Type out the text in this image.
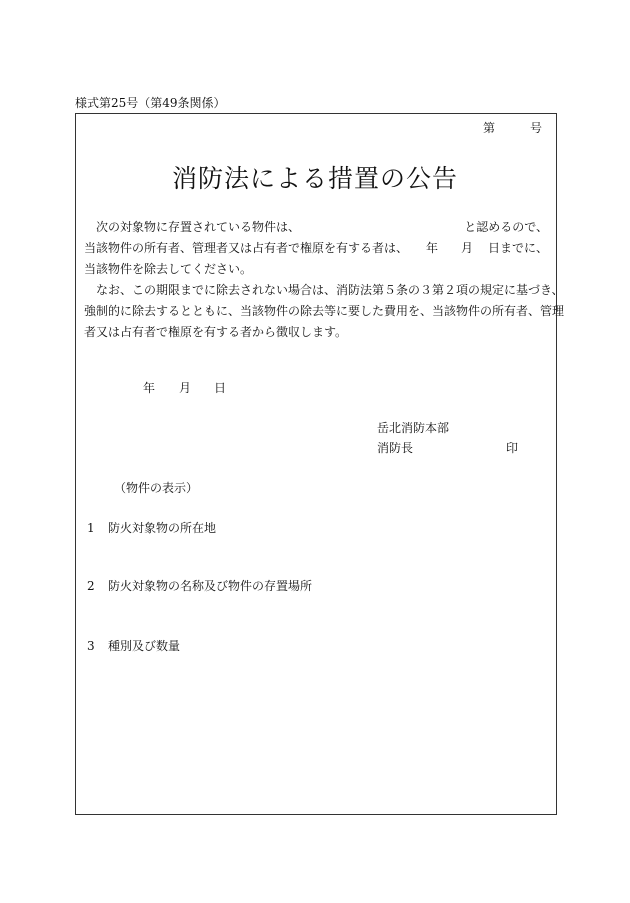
様式第25号（第49条関係）
第	号
消防法による措置の公告
次の対象物に存置されている物件は、	と認めるので、
当該物件の所有者、管理者又は占有者で権原を有する者は、 年 月 日までに、
当該物件を除去してください。
なお、この期限までに除去されない場合は、消防法第５条の３第２項の規定に基づき、
強制的に除去するとともに、当該物件の除去等に要した費用を、当該物件の所有者、管理
者又は占有者で権原を有する者から徴収します。
年 月 日
岳北消防本部
消防長	印
（物件の表示）
1 防火対象物の所在地
2 防火対象物の名称及び物件の存置場所
3 種別及び数量
